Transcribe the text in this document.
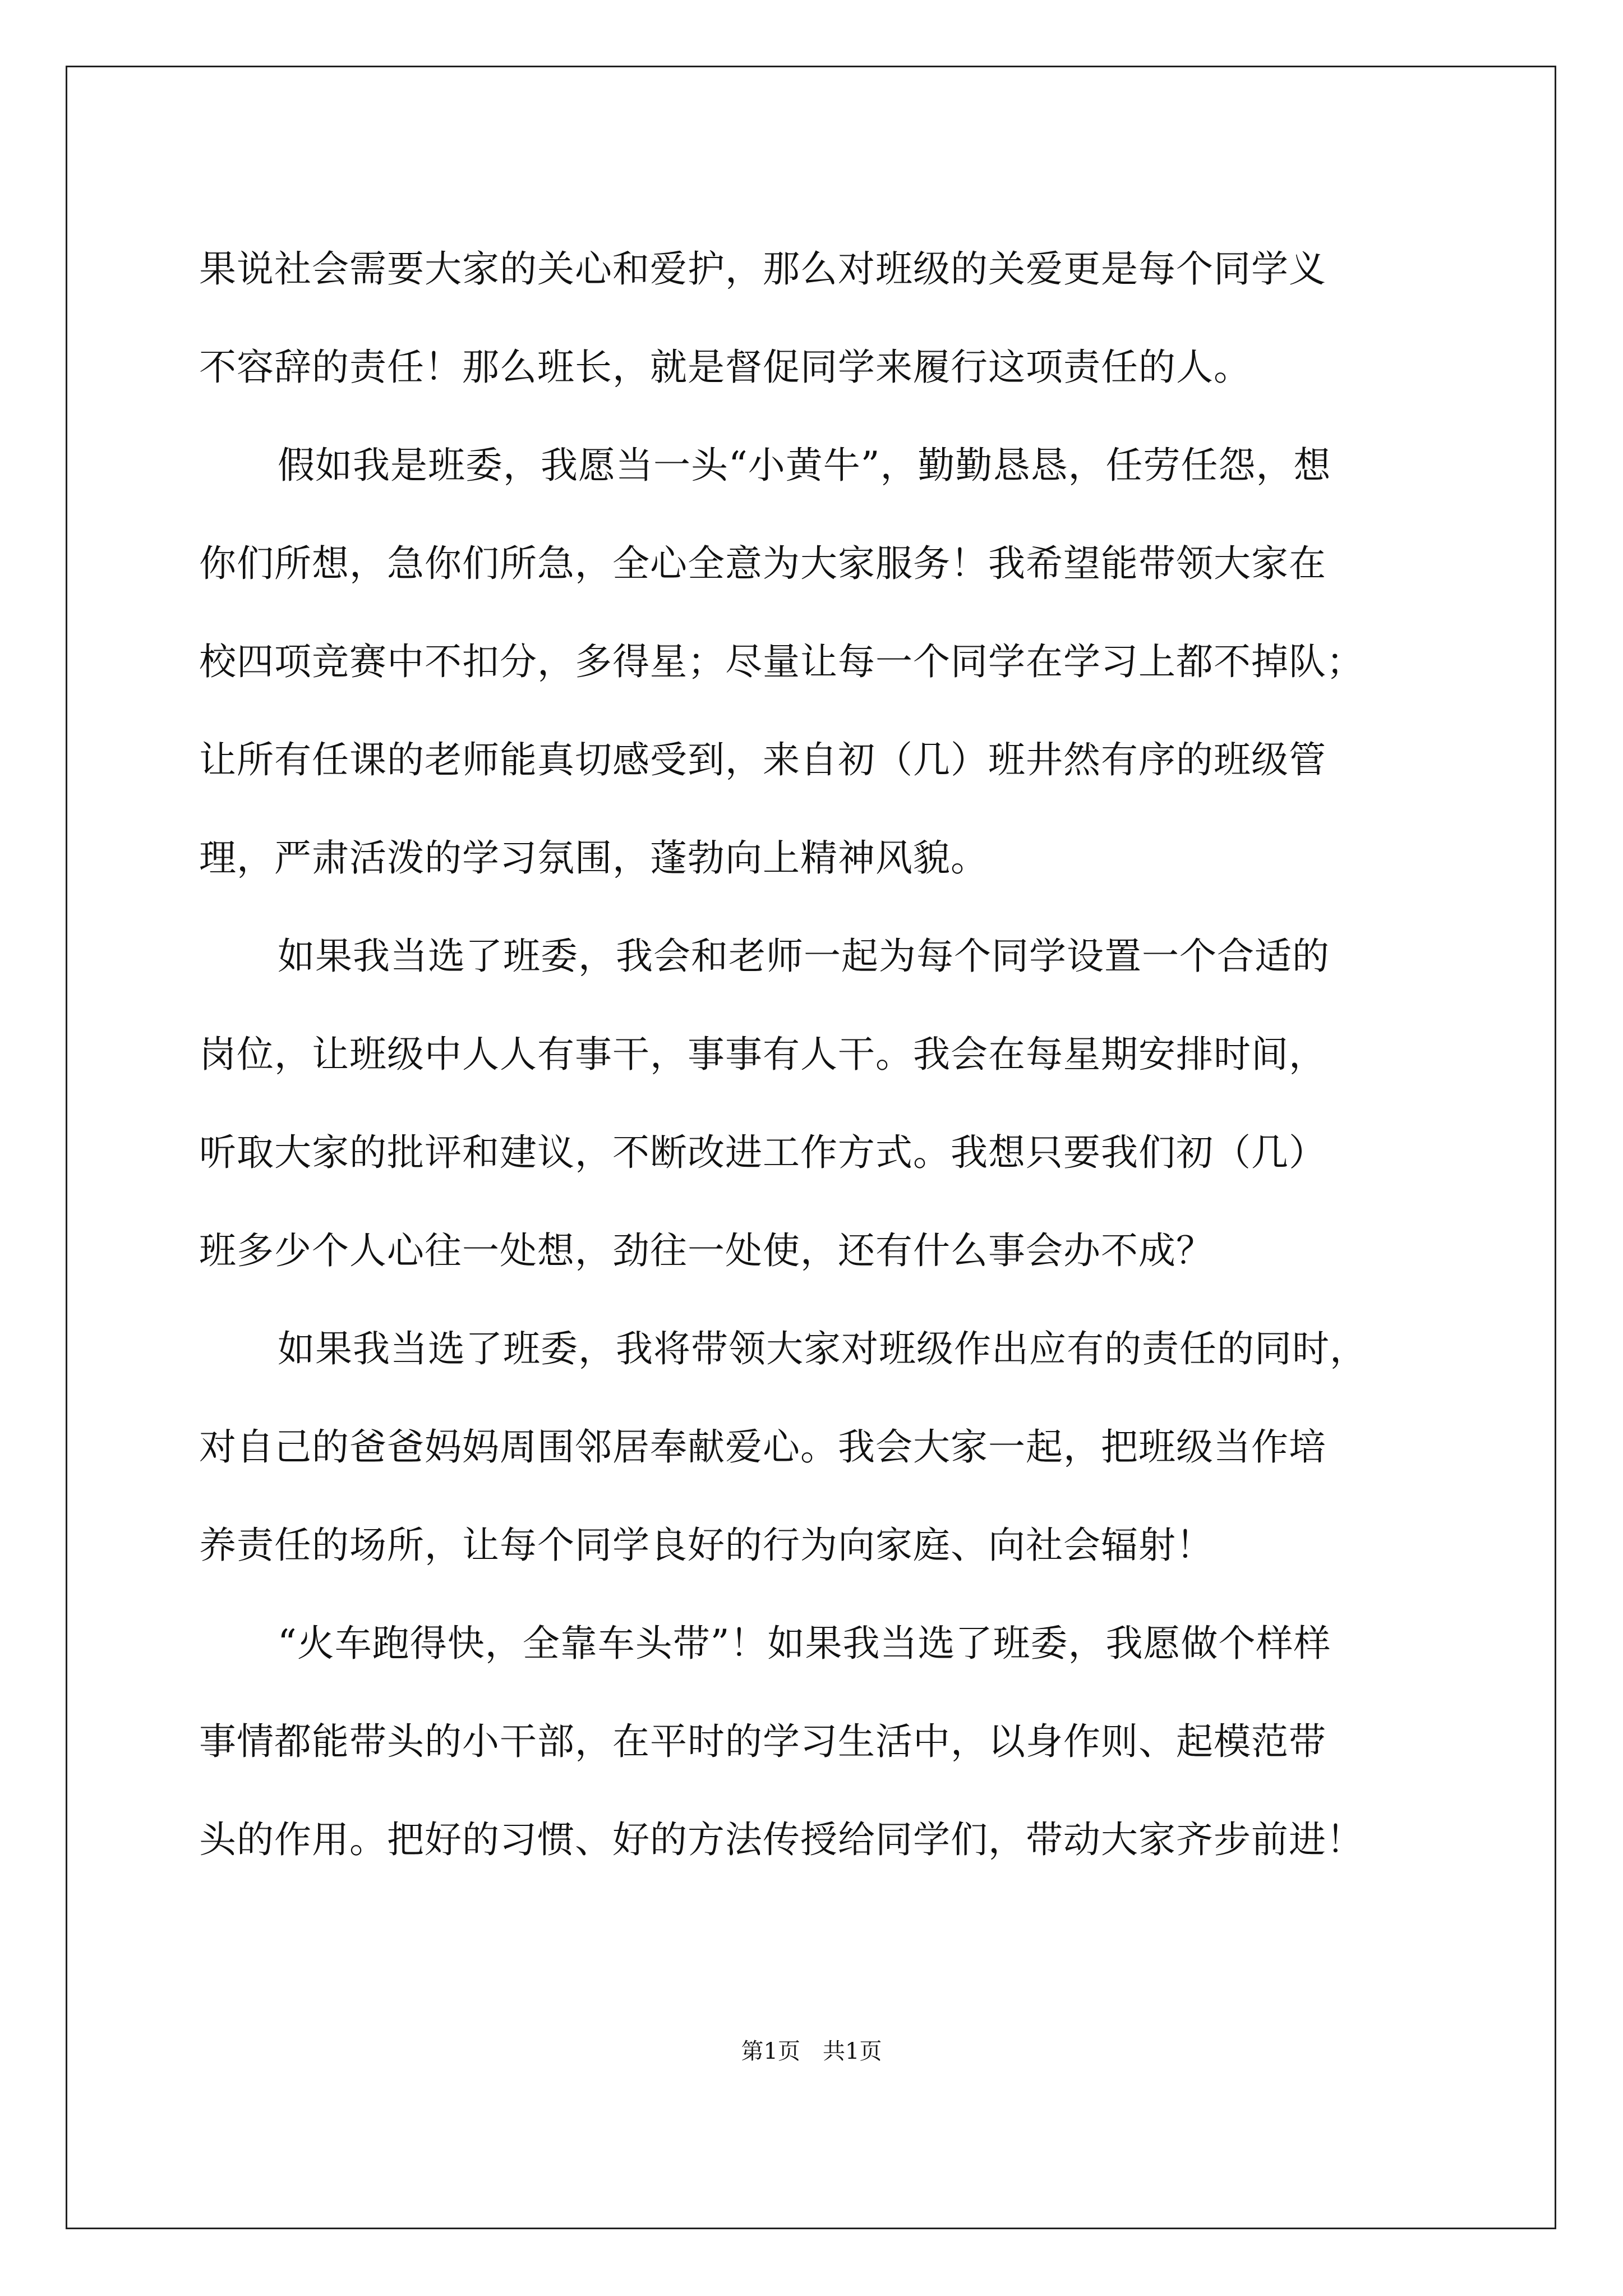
果说社会需要大家的关心和爱护，那么对班级的关爱更是每个同学义
不容辞的责任！那么班长，就是督促同学来履行这项责任的人。
假如我是班委，我愿当一头“小黄牛”，勤勤恳恳，任劳任怨，想
你们所想，急你们所急，全心全意为大家服务！我希望能带领大家在
校四项竞赛中不扣分，多得星；尽量让每一个同学在学习上都不掉队；
让所有任课的老师能真切感受到，来自初（几）班井然有序的班级管
理，严肃活泼的学习氛围，蓬勃向上精神风貌。
如果我当选了班委，我会和老师一起为每个同学设置一个合适的
岗位，让班级中人人有事干，事事有人干。我会在每星期安排时间，
听取大家的批评和建议，不断改进工作方式。我想只要我们初（几）
班多少个人心往一处想，劲往一处使，还有什么事会办不成？
如果我当选了班委，我将带领大家对班级作出应有的责任的同时，
对自己的爸爸妈妈周围邻居奉献爱心。我会大家一起，把班级当作培
养责任的场所，让每个同学良好的行为向家庭、向社会辐射！
“火车跑得快，全靠车头带”！如果我当选了班委，我愿做个样样
事情都能带头的小干部，在平时的学习生活中，以身作则、起模范带
头的作用。把好的习惯、好的方法传授给同学们，带动大家齐步前进！
第1页　共1页
